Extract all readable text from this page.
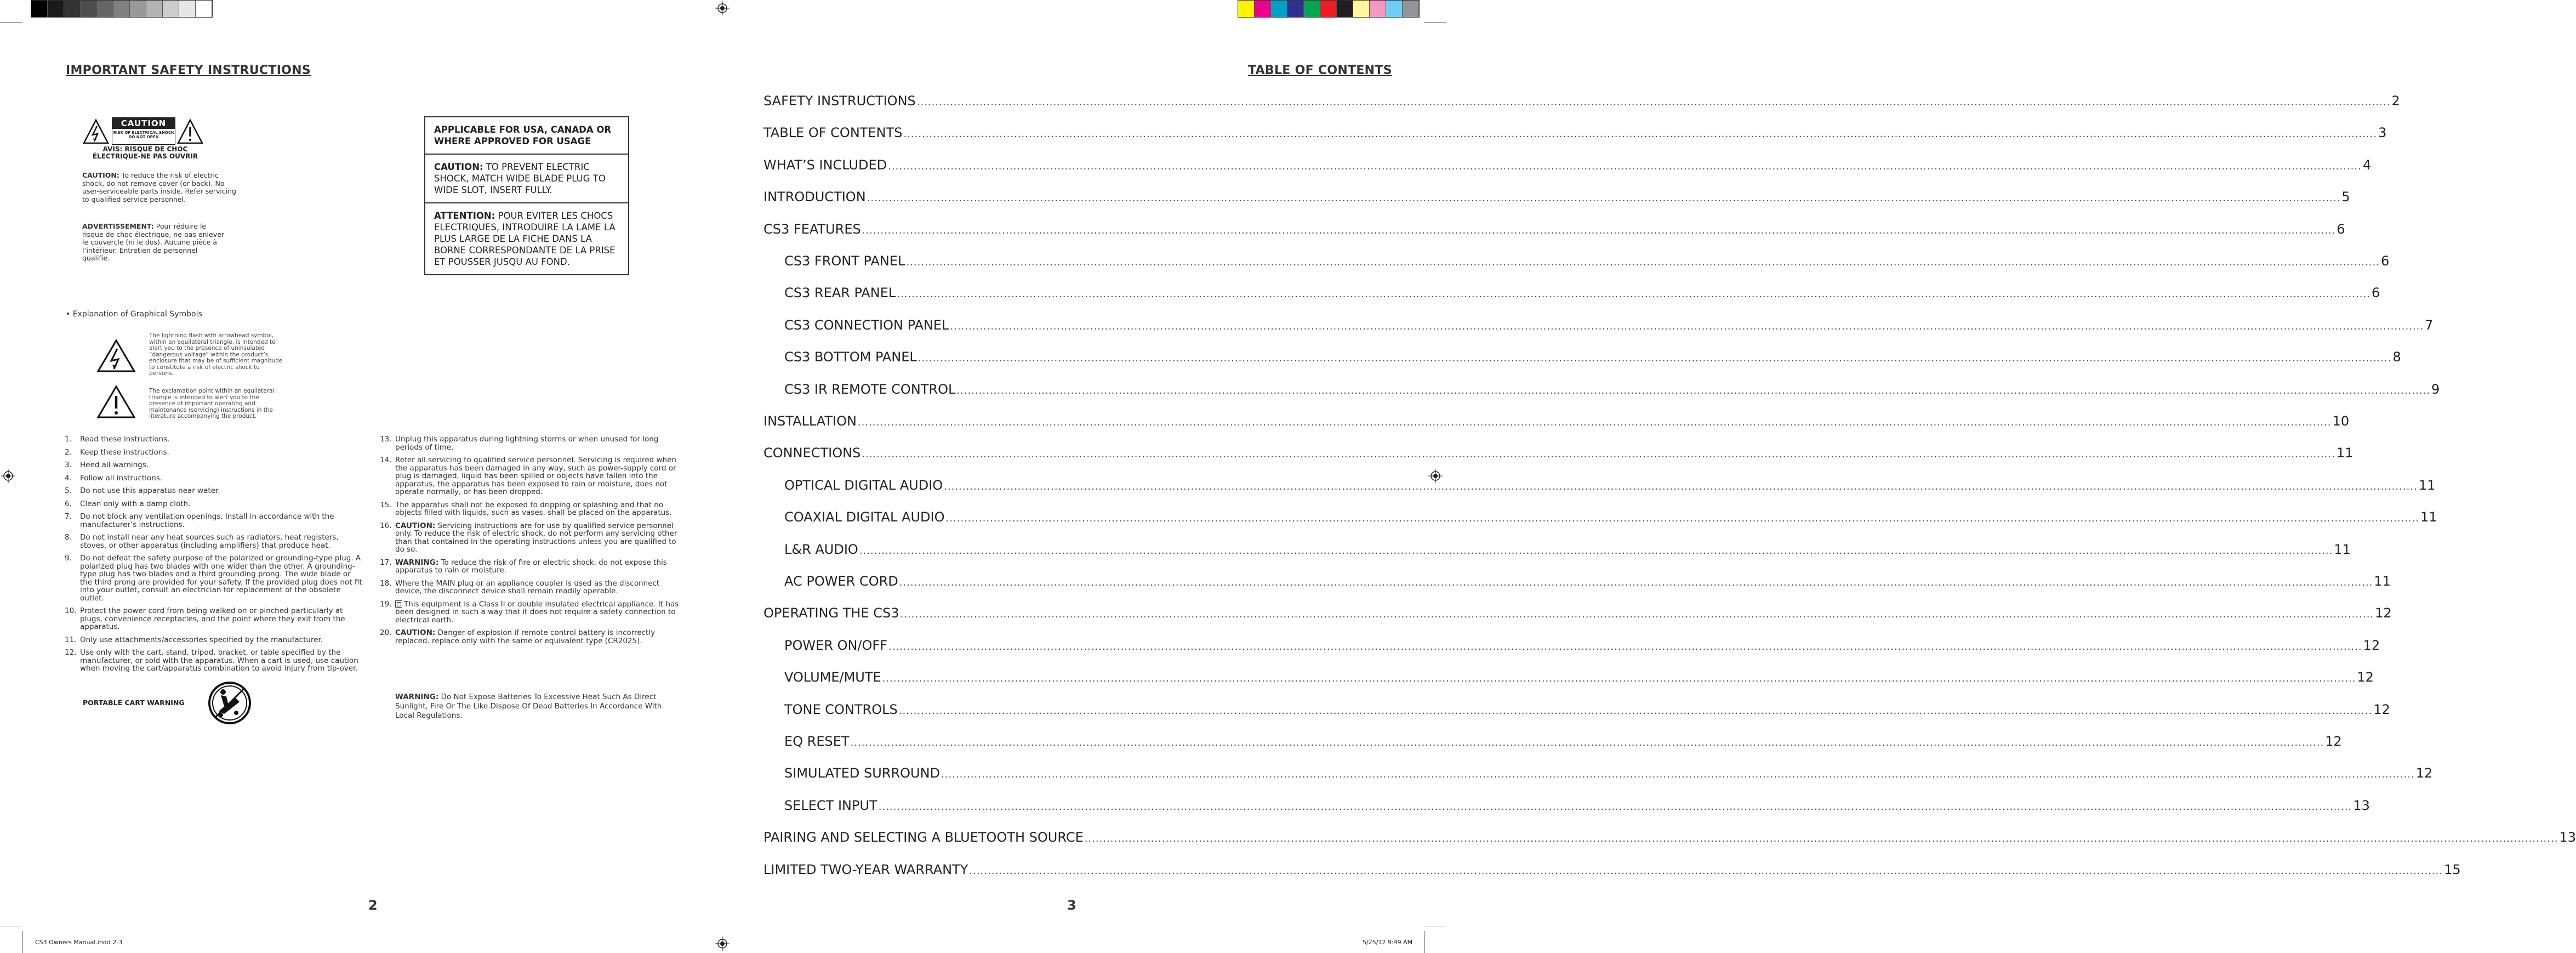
IMPORTANT SAFETY INSTRUCTIONS
CAUTION
RISK OF ELECTRICAL SHOCK
DO NOT OPEN
AVIS: RISQUE DE CHOC
ÉLECTRIQUE-NE PAS OUVRIR
CAUTION: To reduce the risk of electric shock, do not remove cover (or back). No user-serviceable parts inside. Refer servicing to qualified service personnel.
ADVERTISSEMENT: Pour réduire le risque de choc électrique, ne pas enlever le couvercle (ni le dos). Aucune pièce à l’intérieur. Entretien de personnel qualifie.
APPLICABLE FOR USA, CANADA OR WHERE APPROVED FOR USAGE
CAUTION: TO PREVENT ELECTRIC SHOCK, MATCH WIDE BLADE PLUG TO WIDE SLOT, INSERT FULLY.
ATTENTION: POUR EVITER LES CHOCS ELECTRIQUES, INTRODUIRE LA LAME LA PLUS LARGE DE LA FICHE DANS LA BORNE CORRESPONDANTE DE LA PRISE ET POUSSER JUSQU AU FOND.
• Explanation of Graphical Symbols
The lightning flash with arrowhead symbol, within an equilateral triangle, is intended to alert you to the presence of uninsulated “dangerous voltage” within the product’s enclosure that may be of sufficient magnitude to constitute a risk of electric shock to persons.
The exclamation point within an equilateral triangle is intended to alert you to the presence of important operating and maintenance (servicing) instructions in the literature accompanying the product.
1. Read these instructions.
2. Keep these instructions.
3. Heed all warnings.
4. Follow all instructions.
5. Do not use this apparatus near water.
6. Clean only with a damp cloth.
7. Do not block any ventilation openings. Install in accordance with the manufacturer’s instructions.
8. Do not install near any heat sources such as radiators, heat registers, stoves, or other apparatus (including amplifiers) that produce heat.
9. Do not defeat the safety purpose of the polarized or grounding-type plug. A polarized plug has two blades with one wider than the other. A grounding-type plug has two blades and a third grounding prong. The wide blade or the third prong are provided for your safety. If the provided plug does not fit into your outlet, consult an electrician for replacement of the obsolete outlet.
10. Protect the power cord from being walked on or pinched particularly at plugs, convenience receptacles, and the point where they exit from the apparatus.
11. Only use attachments/accessories specified by the manufacturer.
12. Use only with the cart, stand, tripod, bracket, or table specified by the manufacturer, or sold with the apparatus. When a cart is used, use caution when moving the cart/apparatus combination to avoid injury from tip-over.
PORTABLE CART WARNING
13. Unplug this apparatus during lightning storms or when unused for long periods of time.
14. Refer all servicing to qualified service personnel. Servicing is required when the apparatus has been damaged in any way, such as power-supply cord or plug is damaged, liquid has been spilled or objects have fallen into the apparatus, the apparatus has been exposed to rain or moisture, does not operate normally, or has been dropped.
15. The apparatus shall not be exposed to dripping or splashing and that no objects filled with liquids, such as vases, shall be placed on the apparatus.
16. CAUTION: Servicing instructions are for use by qualified service personnel only. To reduce the risk of electric shock, do not perform any servicing other than that contained in the operating instructions unless you are qualified to do so.
17. WARNING: To reduce the risk of fire or electric shock, do not expose this apparatus to rain or moisture.
18. Where the MAIN plug or an appliance coupler is used as the disconnect device, the disconnect device shall remain readily operable.
19. This equipment is a Class II or double insulated electrical appliance. It has been designed in such a way that it does not require a safety connection to electrical earth.
20. CAUTION: Danger of explosion if remote control battery is incorrectly replaced. replace only with the same or equivalent type (CR2025).
WARNING: Do Not Expose Batteries To Excessive Heat Such As Direct Sunlight, Fire Or The Like.Dispose Of Dead Batteries In Accordance With Local Regulations.
2
TABLE OF CONTENTS
SAFETY INSTRUCTIONS ................................................................................................................................................................................................................................................................................................................................................................................................................ 2
TABLE OF CONTENTS ................................................................................................................................................................................................................................................................................................................................................................................................................ 3
WHAT’S INCLUDED ................................................................................................................................................................................................................................................................................................................................................................................................................ 4
INTRODUCTION ................................................................................................................................................................................................................................................................................................................................................................................................................ 5
CS3 FEATURES ................................................................................................................................................................................................................................................................................................................................................................................................................ 6
CS3 FRONT PANEL ................................................................................................................................................................................................................................................................................................................................................................................................................ 6
CS3 REAR PANEL ................................................................................................................................................................................................................................................................................................................................................................................................................ 6
CS3 CONNECTION PANEL ................................................................................................................................................................................................................................................................................................................................................................................................................ 7
CS3 BOTTOM PANEL ................................................................................................................................................................................................................................................................................................................................................................................................................ 8
CS3 IR REMOTE CONTROL ................................................................................................................................................................................................................................................................................................................................................................................................................ 9
INSTALLATION ................................................................................................................................................................................................................................................................................................................................................................................................................ 10
CONNECTIONS ................................................................................................................................................................................................................................................................................................................................................................................................................ 11
OPTICAL DIGITAL AUDIO ................................................................................................................................................................................................................................................................................................................................................................................................................ 11
COAXIAL DIGITAL AUDIO ................................................................................................................................................................................................................................................................................................................................................................................................................ 11
L&R AUDIO ................................................................................................................................................................................................................................................................................................................................................................................................................ 11
AC POWER CORD ................................................................................................................................................................................................................................................................................................................................................................................................................ 11
OPERATING THE CS3 ................................................................................................................................................................................................................................................................................................................................................................................................................ 12
POWER ON/OFF ................................................................................................................................................................................................................................................................................................................................................................................................................ 12
VOLUME/MUTE ................................................................................................................................................................................................................................................................................................................................................................................................................ 12
TONE CONTROLS ................................................................................................................................................................................................................................................................................................................................................................................................................ 12
EQ RESET ................................................................................................................................................................................................................................................................................................................................................................................................................ 12
SIMULATED SURROUND ................................................................................................................................................................................................................................................................................................................................................................................................................ 12
SELECT INPUT ................................................................................................................................................................................................................................................................................................................................................................................................................ 13
PAIRING AND SELECTING A BLUETOOTH SOURCE ................................................................................................................................................................................................................................................................................................................................................................................................................ 13
LIMITED TWO-YEAR WARRANTY ................................................................................................................................................................................................................................................................................................................................................................................................................ 15
3
CS3 Owners Manual.indd 2-3	5/25/12 9:49 AM
